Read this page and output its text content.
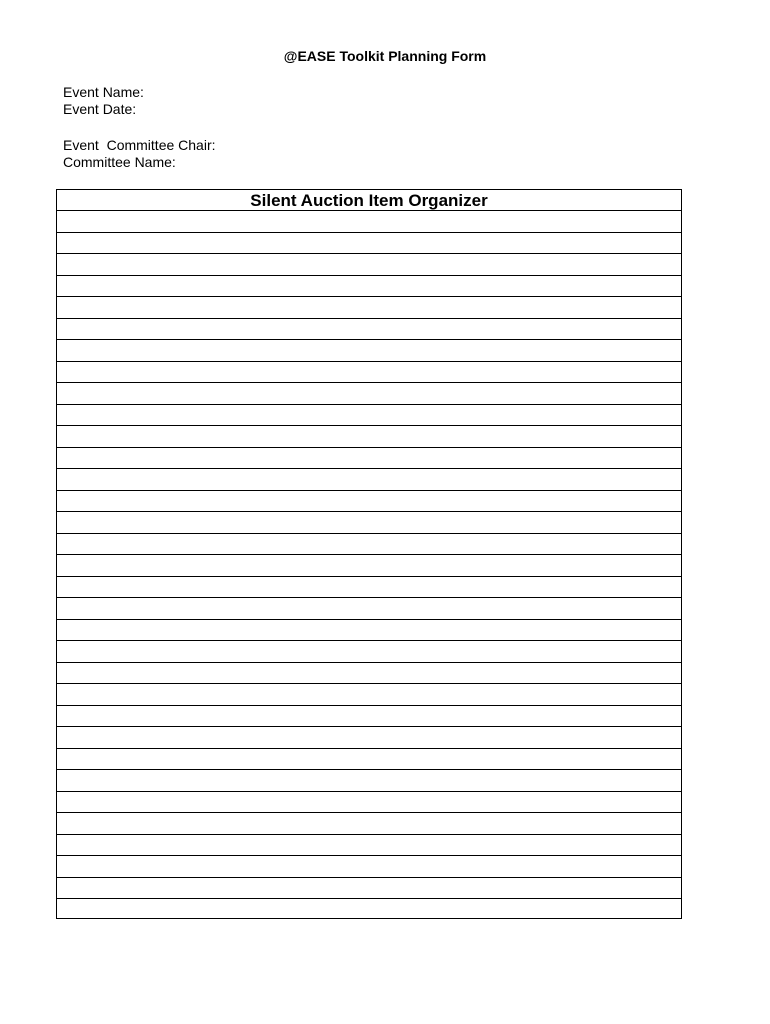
@EASE Toolkit Planning Form
Event Name:
Event Date:
Event  Committee Chair:
Committee Name:
Silent Auction Item Organizer
